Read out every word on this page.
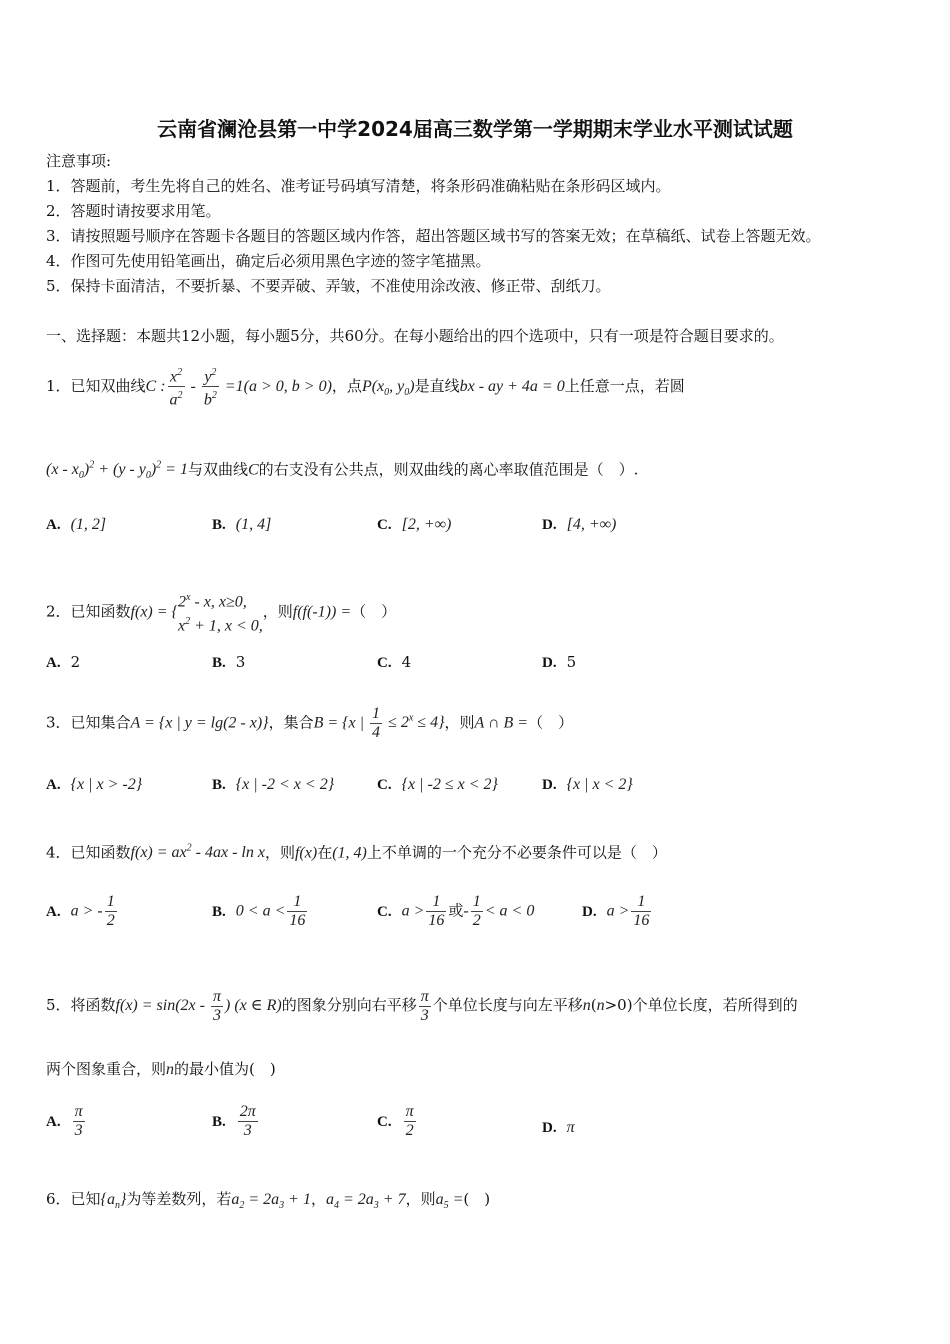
云南省澜沧县第一中学2024届高三数学第一学期期末学业水平测试试题
注意事项:
1．答题前，考生先将自己的姓名、准考证号码填写清楚，将条形码准确粘贴在条形码区域内。
2．答题时请按要求用笔。
3．请按照题号顺序在答题卡各题目的答题区域内作答，超出答题区域书写的答案无效；在草稿纸、试卷上答题无效。
4．作图可先使用铅笔画出，确定后必须用黑色字迹的签字笔描黑。
5．保持卡面清洁，不要折暴、不要弄破、弄皱，不准使用涂改液、修正带、刮纸刀。
一、选择题：本题共12小题，每小题5分，共60分。在每小题给出的四个选项中，只有一项是符合题目要求的。
1．已知双曲线C : $\frac{x^2}{a^2} - \frac{y^2}{b^2} =1(a > 0$, b > 0)，点$P(x_0$, $y_0$)是直线bx - ay + 4a = 0上任意一点，若圆
$(x - x_0)^2 + (y - y_0)^2 = 1$与双曲线C的右支没有公共点，则双曲线的离心率取值范围是（　）.
A. (1, 2]	B. (1, 4]	C. [2, +∞)	D. [4, +∞)
2．已知函数f(x) = {
2$^x$ - x, x≥0,
$x^2 + 1$, x < 0,
，则f(f(-1)) =（　）
A. 2	B. 3	C. 4	D. 5
3．已知集合A = {x | y = lg(2 - x)}，集合B = {x | $\frac{1}{4} \le 2^x \le 4$}，则A ∩ B =（　）
A. {x | x > -2}	B. {x | -2 < x < 2}	C. {x | -2 ≤ x < 2}	D. {x | x < 2}
4．已知函数$f(x) = ax^2 - 4ax - \ln x$，则f(x)在(1, 4)上不单调的一个充分不必要条件可以是（　）
A. a > - $\frac{1}{2}$	B. $0 < a < \frac{1}{16}$	C. $a > \frac{1}{16}$ 或- $\frac{1}{2} < a < 0$	D. $a > \frac{1}{16}$
5．将函数$f(x) = \sin(2x - \frac{\pi}{3}$ ) (x ∈ R)的图象分别向右平移 $\frac{\pi}{3}$ 个单位长度与向左平移n(n>0)个单位长度，若所得到的
两个图象重合，则n的最小值为(　)
A. $\frac{\pi}{3}$	B. $\frac{2\pi}{3}$	C. $\frac{\pi}{2}$	D. π
6．已知$\{a_n\}$为等差数列，若$a_2 = 2a_3 + 1$，$a_4 = 2a_3 + 7$，则$a_5$ =(　)
